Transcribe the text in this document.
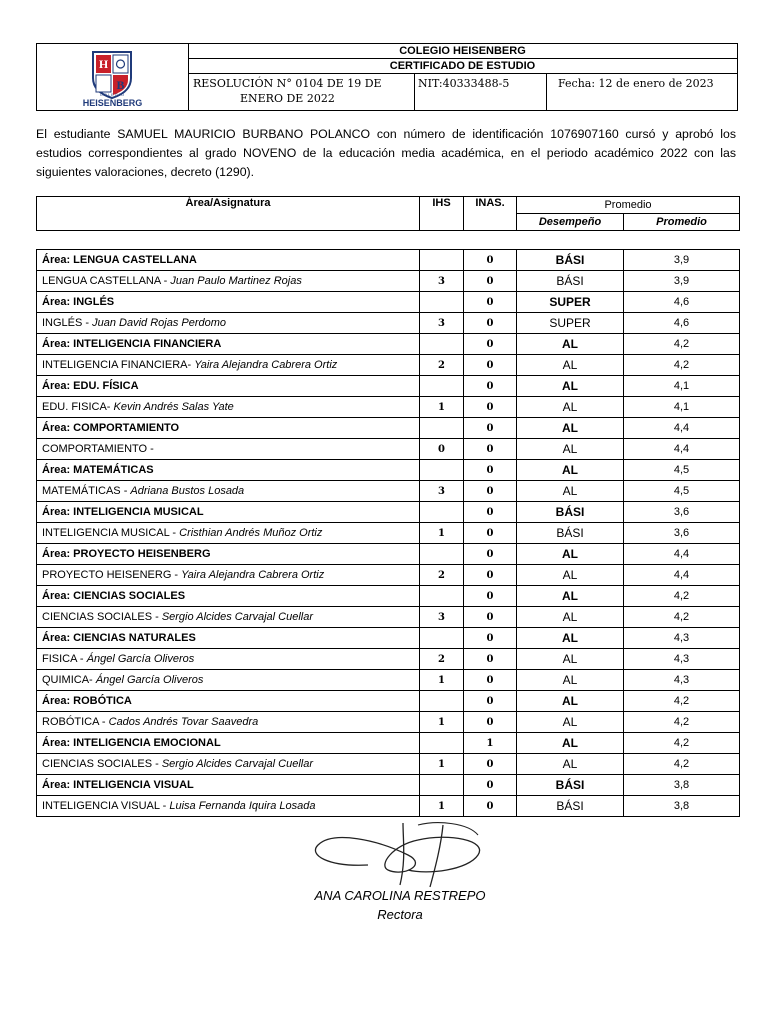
H
B
COLEGIO
HEISENBERG
COLEGIO HEISENBERG
CERTIFICADO DE ESTUDIO
RESOLUCIÓN N° 0104 DE 19 DE
ENERO DE 2022
NIT:40333488-5	Fecha: 12 de enero de 2023
El estudiante SAMUEL MAURICIO BURBANO POLANCO con número de identificación 1076907160 cursó y aprobó los estudios correspondientes al grado NOVENO de la educación media académica, en el periodo académico 2022 con las siguientes valoraciones, decreto (1290).
Área/Asignatura	IHS	INAS.	Promedio	
			Desempeño	Promedio
Área: LENGUA CASTELLANA		0	BÁSI	3,9
LENGUA CASTELLANA - Juan Paulo Martinez Rojas	3	0	BÁSI	3,9
Área: INGLÉS		0	SUPER	4,6
INGLÉS - Juan David Rojas Perdomo	3	0	SUPER	4,6
Área: INTELIGENCIA FINANCIERA		0	AL	4,2
INTELIGENCIA FINANCIERA- Yaira Alejandra Cabrera Ortiz	2	0	AL	4,2
Área: EDU. FÍSICA		0	AL	4,1
EDU. FISICA- Kevin Andrés Salas Yate	1	0	AL	4,1
Área: COMPORTAMIENTO		0	AL	4,4
COMPORTAMIENTO -	0	0	AL	4,4
Área: MATEMÁTICAS		0	AL	4,5
MATEMÁTICAS - Adriana Bustos Losada	3	0	AL	4,5
Área: INTELIGENCIA MUSICAL		0	BÁSI	3,6
INTELIGENCIA MUSICAL - Cristhian Andrés Muñoz Ortiz	1	0	BÁSI	3,6
Área: PROYECTO HEISENBERG		0	AL	4,4
PROYECTO HEISENERG - Yaira Alejandra Cabrera Ortiz	2	0	AL	4,4
Área: CIENCIAS SOCIALES		0	AL	4,2
CIENCIAS SOCIALES - Sergio Alcides Carvajal Cuellar	3	0	AL	4,2
Área: CIENCIAS NATURALES		0	AL	4,3
FISICA - Ángel García Oliveros	2	0	AL	4,3
QUIMICA- Ángel García Oliveros	1	0	AL	4,3
Área: ROBÓTICA		0	AL	4,2
ROBÓTICA - Cados Andrés Tovar Saavedra	1	0	AL	4,2
Área: INTELIGENCIA EMOCIONAL		1	AL	4,2
CIENCIAS SOCIALES - Sergio Alcides Carvajal Cuellar	1	0	AL	4,2
Área: INTELIGENCIA VISUAL		0	BÁSI	3,8
INTELIGENCIA VISUAL - Luisa Fernanda Iquira Losada	1	0	BÁSI	3,8
ANA CAROLINA RESTREPO
Rectora
